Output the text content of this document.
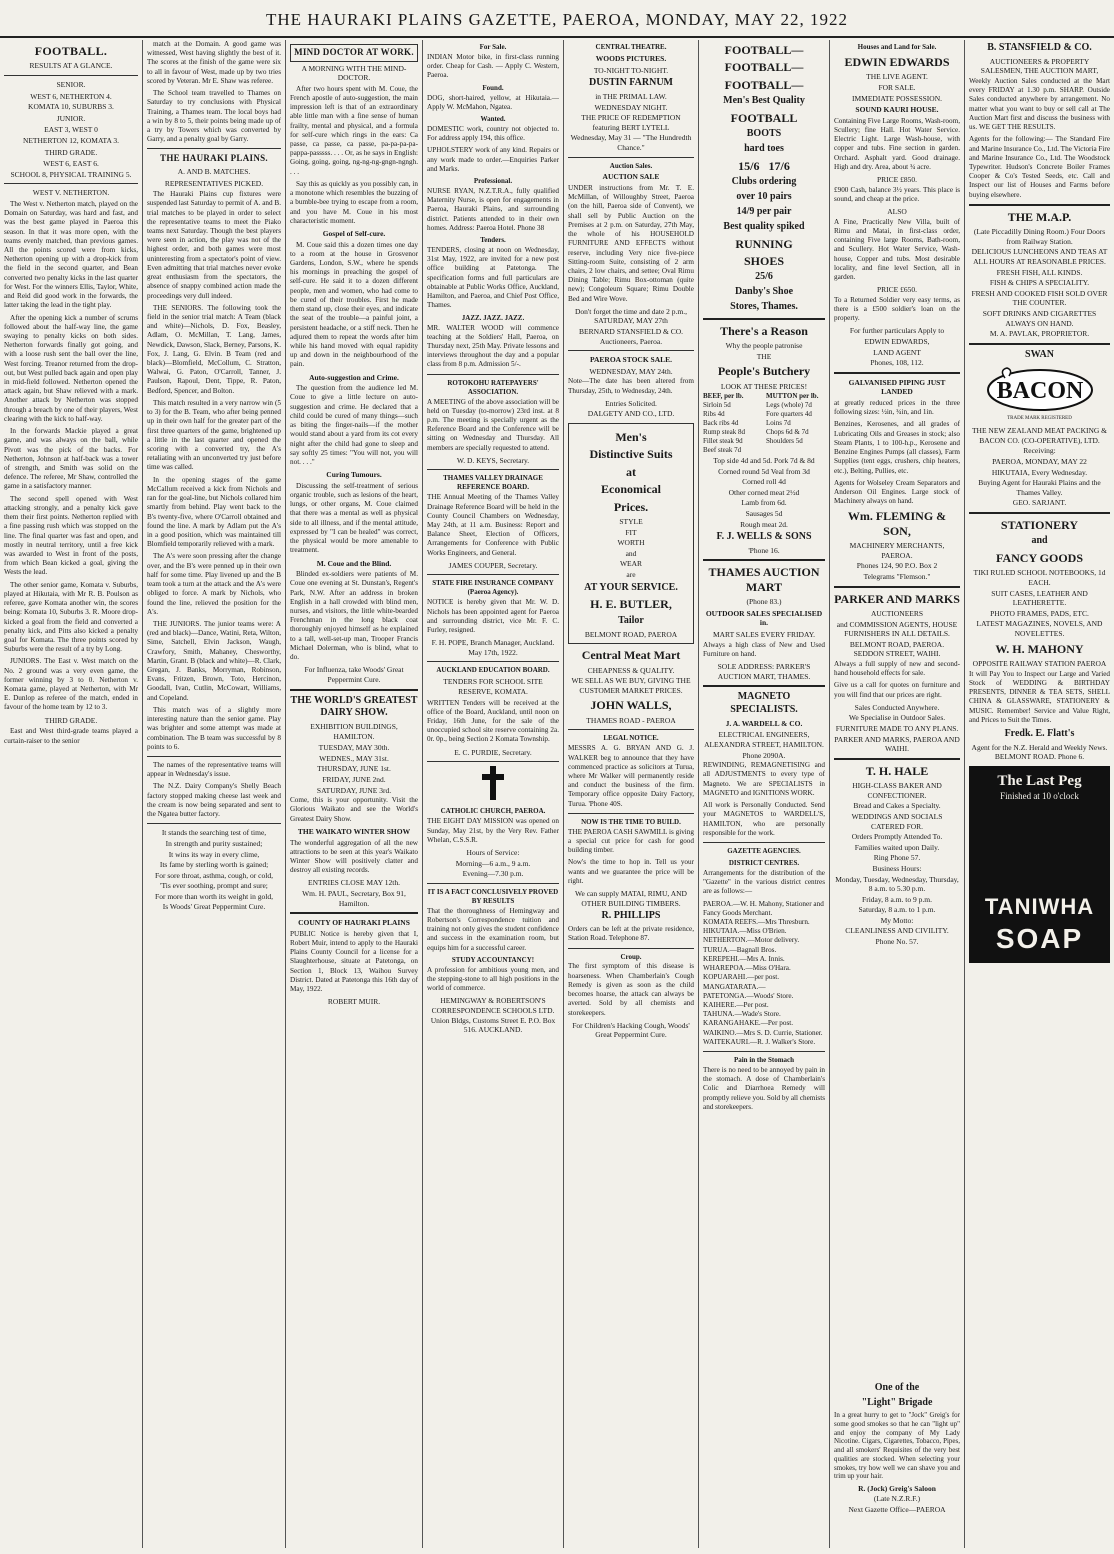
THE HAURAKI PLAINS GAZETTE, PAEROA, MONDAY, MAY 22, 1922
FOOTBALL.
RESULTS AT A GLANCE.
SENIOR.
WEST 6, NETHERTON 4.
KOMATA 10, SUBURBS 3.
JUNIOR.
EAST 3, WEST 0
NETHERTON 12, KOMATA 3.
THIRD GRADE.
WEST 6, EAST 6.
SCHOOL 8, PHYSICAL TRAINING 5.
WEST V. NETHERTON.

The West v. Netherton match, played on the Domain on Saturday, was hard and fast, and was the best game played in Paeroa this season. In that it was more open, with the teams evenly matched, than previous games. All the points scored were from kicks, Netherton opening up with a drop-kick from the field in the second quarter, and Bean converted two penalty kicks in the last quarter for West. For the winners Ellis, Taylor, White, and Reid did good work in the forwards, the latter taking the lead in the tight play.

After the opening kick a number of scrums followed about the half-way line, the game swaying to penalty kicks on both sides. Netherton forwards finally got going, and with a loose rush sent the ball over the line, West forcing. Treanor returned from the drop-out, but West pulled back again and open play in mid-field followed. Netherton opened the attack again, but Shaw relieved with a mark. Another attack by Netherton was stopped through a breach by one of their players, West clearing with the kick to half-way.

In the forwards Mackie played a great game, and was always on the ball, while Pivott was the pick of the backs. For Netherton, Johnson at half-back was a tower of strength, and Smith was solid on the defence. The referee, Mr Shaw, controlled the game in a satisfactory manner.

The second spell opened with West attacking strongly, and a penalty kick gave them their first points. Netherton replied with a fine passing rush which was stopped on the line. The final quarter was fast and open, and mostly in neutral territory, until a free kick was awarded to West in front of the posts, from which Bean kicked a goal, giving the Wests the lead.

The other senior game, Komata v. Suburbs, played at Hikutaia, with Mr R. B. Poulson as referee, gave Komata another win, the scores being: Komata 10, Suburbs 3. R. Moore drop-kicked a goal from the field and converted a penalty kick, and Pitts also kicked a penalty goal for Komata. The three points scored by Suburbs were the result of a try by Long.

JUNIORS. The East v. West match on the No. 2 ground was a very even game, the former winning by 3 to 0. Netherton v. Komata game, played at Netherton, with Mr E. Dunlop as referee of the match, ended in favour of the home team by 12 to 3.

THIRD GRADE.

East and West third-grade teams played a curtain-raiser to the senior

match at the Domain. A good game was witnessed, West having slightly the best of it. The scores at the finish of the game were six to all in favour of West, made up by two tries scored by Veteran. Mr E. Shaw was referee.

The School team travelled to Thames on Saturday to try conclusions with Physical Training, a Thames team. The local boys had a win by 8 to 5, their points being made up of a try by Towers which was converted by Garry, and a penalty goal by Garry.

THE HAURAKI PLAINS.
A. AND B. MATCHES.
REPRESENTATIVES PICKED.

The Hauraki Plains cup fixtures were suspended last Saturday to permit of A. and B. trial matches to be played in order to select the representative teams to meet the Piako teams next Saturday. Though the best players were seen in action, the play was not of the highest order, and both games were most uninteresting from a spectator's point of view. Even admitting that trial matches never evoke great enthusiasm from the spectators, the absence of snappy combined action made the proceedings very dull indeed.

THE SENIORS. The following took the field in the senior trial match: A Team (black and white)—Nichols, D. Fox, Beasley, Adlam, O. McMillan, T. Lang, James, Newdick, Dawson, Slack, Berney, Parsons, K. Fox, J. Lang, G. Elvin. B Team (red and black)—Blomfield, McCollum, C. Stratton, Walwai, G. Paton, O'Carroll, Tanner, J. Paulson, Rapoul, Dent, Tippe, R. Paton, Bedford, Spencer, and Bolton.

This match resulted in a very narrow win (5 to 3) for the B. Team, who after being penned up in their own half for the greater part of the first three quarters of the game, brightened up a little in the last quarter and opened the scoring with a converted try, the A's retaliating with an unconverted try just before time was called.

In the opening stages of the game McCallum received a kick from Nichols and ran for the goal-line, but Nichols collared him smartly from behind. Play went back to the B's twenty-five, where O'Carroll obtained and found the line. A mark by Adlam put the A's in a good position, which was maintained till Blomfield temporarily relieved with a mark.

The A's were soon pressing after the change over, and the B's were penned up in their own half for some time. Play livened up and the B team took a turn at the attack and the A's were obliged to force. A mark by Nichols, who found the line, relieved the position for the A's.

THE JUNIORS. The junior teams were: A (red and black)—Dance, Watini, Reta, Wilton, Sime, Satchell, Elvin Jackson, Waugh, Crawfory, Smith, Mahaney, Chesworthy, Martin, Grant. B (black and white)—R. Clark, Gregan, J. Banks, Morryman, Robinson, Evans, Fritzen, Brown, Toto, Hercinon, Goodall, Ivan, Cutlin, McCowart, Williams, and Copeland.

This match was of a slightly more interesting nature than the senior game. Play was brighter and some attempt was made at combination. The B team was successful by 8 points to 6.

The names of the representative teams will appear in Wednesday's issue.

The N.Z. Dairy Company's Shelly Beach factory stopped making cheese last week and the cream is now being separated and sent to the Ngatea butter factory.

It stands the searching test of time,
In strength and purity sustained;
It wins its way in every clime,
Its fame by sterling worth is gained;
For sore throat, asthma, cough, or cold,
'Tis ever soothing, prompt and sure;
For more than worth its weight in gold,
Is Woods' Great Peppermint Cure.
MIND DOCTOR AT WORK.
A MORNING WITH THE MIND-DOCTOR.

After two hours spent with M. Coue, the French apostle of auto-suggestion, the main impression left is that of an extraordinary able little man with a fine sense of human frailty, mental and physical, and a formula for self-cure which rings in the ears: Ca passe, ca passe, ca passe, pa-pa-pa-pa-pappa-passsss. . . . Or, as he says in English: Going, going, going, ng-ng-ng-gngn-ngngh. . . .

Say this as quickly as you possibly can, in a monotone which resembles the buzzing of a bumble-bee trying to escape from a room, and you have M. Coue in his most characteristic moment.

Gospel of Self-cure.

M. Coue said this a dozen times one day to a room at the house in Grosvenor Gardens, London, S.W., where he spends his mornings in preaching the gospel of self-cure. He said it to a dozen different people, men and women, who had come to be cured of their troubles. First he made them stand up, close their eyes, and indicate the seat of the trouble—a painful joint, a persistent headache, or a stiff neck. Then he adjured them to repeat the words after him while his hand moved with equal rapidity up and down in the neighbourhood of the pain.

Auto-suggestion and Crime.

The question from the audience led M. Coue to give a little lecture on auto-suggestion and crime. He declared that a child could be cured of many things—such as biting the finger-nails—if the mother would stand about a yard from its cot every night after the child had gone to sleep and say softly 25 times: "You will not, you will not. . . ."

Curing Tumours.

Discussing the self-treatment of serious organic trouble, such as lesions of the heart, lungs, or other organs, M. Coue claimed that there was a mental as well as physical side to all illness, and if the mental attitude, expressed by "I can be healed" was correct, the physical would be more amenable to treatment.

M. Coue and the Blind.

Blinded ex-soldiers were patients of M. Coue one evening at St. Dunstan's, Regent's Park, N.W. After an address in broken English in a hall crowded with blind men, nurses, and visitors, the little white-bearded Frenchman in the long black coat thoroughly enjoyed himself as he explained to a tall, well-set-up man, Trooper Francis Michael Dolerman, who is blind, what to do.

For Influenza, take Woods' Great Peppermint Cure.
THE WORLD'S GREATEST DAIRY SHOW.
EXHIBITION BUILDINGS, HAMILTON.
TUESDAY, MAY 30th.
WEDNES., MAY 31st.
THURSDAY, JUNE 1st.
FRIDAY, JUNE 2nd.
SATURDAY, JUNE 3rd.

Come, this is your opportunity. Visit the Glorious Waikato and see the World's Greatest Dairy Show.

THE WAIKATO WINTER SHOW

The wonderful aggregation of all the new attractions to be seen at this year's Waikato Winter Show will positively clatter and destroy all existing records.

ENTRIES CLOSE MAY 12th.
Wm. H. PAUL, Secretary, Box 91, Hamilton.
COUNTY OF HAURAKI PLAINS

PUBLIC Notice is hereby given that I, Robert Muir, intend to apply to the Hauraki Plains County Council for a license for a Slaughterhouse, situate at Patetonga, on Section 1, Block 13, Waihou Survey District. Dated at Patetonga this 16th day of May, 1922.

ROBERT MUIR.
For Sale.

INDIAN Motor bike, in first-class running order. Cheap for Cash. — Apply C. Western, Paeroa.

Found.

DOG, short-haired, yellow, at Hikutaia.—Apply W. McMahon, Ngatea.

Wanted.

DOMESTIC work, country not objected to. For address apply 194, this office.

UPHOLSTERY work of any kind. Repairs or any work made to order.—Enquiries Parker and Marks.

Professional.

NURSE RYAN, N.Z.T.R.A., fully qualified Maternity Nurse, is open for engagements in Paeroa, Hauraki Plains, and surrounding district. Patients attended to in their own homes. Address: Paeroa Hotel. Phone 38

Tenders.

TENDERS, closing at noon on Wednesday, 31st May, 1922, are invited for a new post office building at Patetonga. The specification forms and full particulars are obtainable at Public Works Office, Auckland, Hamilton, and Paeroa, and Chief Post Office, Thames.

JAZZ. JAZZ. JAZZ.

MR. WALTER WOOD will commence teaching at the Soldiers' Hall, Paeroa, on Thursday next, 25th May. Private lessons and interviews throughout the day and a popular class from 8 p.m. Admission 5/-.

ROTOKOHU RATEPAYERS' ASSOCIATION.

A MEETING of the above association will be held on Tuesday (to-morrow) 23rd inst. at 8 p.m. The meeting is specially urgent as the Reference Board and the Conference will be sitting on Wednesday and Thursday. All members are specially requested to attend.

W. D. KEYS, Secretary.
THAMES VALLEY DRAINAGE REFERENCE BOARD.

THE Annual Meeting of the Thames Valley Drainage Reference Board will be held in the County Council Chambers on Wednesday, May 24th, at 11 a.m. Business: Report and Balance Sheet, Election of Officers, Arrangements for Conference with Public Works Engineers, and General.

JAMES COUPER, Secretary.
STATE FIRE INSURANCE COMPANY (Paeroa Agency).

NOTICE is hereby given that Mr. W. D. Nichols has been appointed agent for Paeroa and surrounding district, vice Mr. F. C. Furley, resigned.

F. H. POPE, Branch Manager, Auckland. May 17th, 1922.
AUCKLAND EDUCATION BOARD.
TENDERS FOR SCHOOL SITE RESERVE, KOMATA.

WRITTEN Tenders will be received at the office of the Board, Auckland, until noon on Friday, 16th June, for the sale of the unoccupied school site reserve containing 2a. 0r. 0p., being Section 2 Komata Township.

E. C. PURDIE, Secretary.
CATHOLIC CHURCH, PAEROA.

THE EIGHT DAY MISSION was opened on Sunday, May 21st, by the Very Rev. Father Whelan, C.S.S.R.

Hours of Service:
Morning—6 a.m., 9 a.m.
Evening—7.30 p.m.
IT IS A FACT CONCLUSIVELY PROVED BY RESULTS

That the thoroughness of Hemingway and Robertson's Correspondence tuition and training not only gives the student confidence and success in the examination room, but equips him for a successful career.

STUDY ACCOUNTANCY!

A profession for ambitious young men, and the stepping-stone to all high positions in the world of commerce.

HEMINGWAY & ROBERTSON'S CORRESPONDENCE SCHOOLS LTD. Union Bldgs, Customs Street E. P.O. Box 516. AUCKLAND.
CENTRAL THEATRE.
WOODS PICTURES.
TO-NIGHT TO-NIGHT.
DUSTIN FARNUM
in THE PRIMAL LAW.
WEDNESDAY NIGHT.
THE PRICE OF REDEMPTION featuring BERT LYTELL
Wednesday, May 31 — "The Hundredth Chance."
Auction Sales.
AUCTION SALE

UNDER instructions from Mr. T. E. McMillan, of Willoughby Street, Paeroa (on the hill, Paeroa side of Convent), we shall sell by Public Auction on the Premises at 2 p.m. on Saturday, 27th May, the whole of his HOUSEHOLD FURNITURE AND EFFECTS without reserve, including Very nice five-piece Sitting-room Suite, consisting of 2 arm chairs, 2 low chairs, and settee; Oval Rimu Dining Table; Rimu Box-ottoman (quite new); Congoleum Square; Rimu Double Bed and Wire Wove.

Don't forget the time and date 2 p.m., SATURDAY, MAY 27th
BERNARD STANSFIELD & CO. Auctioneers, Paeroa.
PAEROA STOCK SALE.
WEDNESDAY, MAY 24th.

Note—The date has been altered from Thursday, 25th, to Wednesday, 24th.

Entries Solicited.
DALGETY AND CO., LTD.
Men's
Distinctive Suits
at
Economical
Prices.
STYLE
FIT
WORTH
and
WEAR
are
AT YOUR SERVICE.
H. E. BUTLER,
Tailor
BELMONT ROAD, PAEROA
Central Meat Mart
CHEAPNESS & QUALITY.
WE SELL AS WE BUY, GIVING THE CUSTOMER MARKET PRICES.
JOHN WALLS,
THAMES ROAD - PAEROA
LEGAL NOTICE.

MESSRS A. G. BRYAN AND G. J. WALKER beg to announce that they have commenced practice as solicitors at Turua, where Mr Walker will permanently reside and conduct the business of the firm. Temporary office opposite Dairy Factory, Turua. 'Phone 40S.

NOW IS THE TIME TO BUILD.

THE PAEROA CASH SAWMILL is giving a special cut price for cash for good building timber.

Now's the time to hop in. Tell us your wants and we guarantee the price will be right.

We can supply MATAI, RIMU, AND OTHER BUILDING TIMBERS.
R. PHILLIPS

Orders can be left at the private residence, Station Road. Telephone 87.

Croup.

The first symptom of this disease is hoarseness. When Chamberlain's Cough Remedy is given as soon as the child becomes hoarse, the attack can always be averted. Sold by all chemists and storekeepers.

For Children's Hacking Cough, Woods' Great Peppermint Cure.
FOOTBALL—
FOOTBALL—
FOOTBALL—
Men's Best Quality
FOOTBALL
BOOTS
hard toes
15/6 17/6
Clubs ordering
over 10 pairs
14/9 per pair
Best quality spiked
RUNNING
SHOES
25/6
Danby's Shoe
Stores, Thames.
There's a Reason
Why the people patronise
THE
People's Butchery
LOOK AT THESE PRICES!
BEEF, per lb.
Sirloin 5d
Ribs 4d
Back ribs 4d
Rump steak 8d
Fillet steak 9d
Beef steak 7d
MUTTON per lb.
Legs (whole) 7d
Fore quarters 4d
Loins 7d
Chops 6d & 7d
Shoulders 5d
Top side 4d and 5d. Pork 7d & 8d
Corned round 5d Veal from 3d
Corned roll 4d
Other corned meat 2½d
Lamb from 6d.
Sausages 5d
Rough meat 2d.
F. J. WELLS & SONS
'Phone 16.
THAMES AUCTION MART
(Phone 83.)
OUTDOOR SALES SPECIALISED in.
MART SALES EVERY FRIDAY.

Always a high class of New and Used Furniture on hand.

SOLE ADDRESS: PARKER'S AUCTION MART, THAMES.
MAGNETO SPECIALISTS.
J. A. WARDELL & CO.
ELECTRICAL ENGINEERS, ALEXANDRA STREET, HAMILTON.
Phone 2090A.

REWINDING, REMAGNETISING and all ADJUSTMENTS to every type of Magneto. We are SPECIALISTS in MAGNETO and IGNITIONS WORK.

All work is Personally Conducted. Send your MAGNETOS to WARDELL'S, HAMILTON, who are personally responsible for the work.

GAZETTE AGENCIES.
DISTRICT CENTRES.

Arrangements for the distribution of the "Gazette" in the various district centres are as follows:—

PAEROA.—W. H. Mahony, Stationer and Fancy Goods Merchant.
KOMATA REEFS.—Mrs Thresburn.
HIKUTAIA.—Miss O'Brien.
NETHERTON.—Motor delivery.
TURUA.—Bagnall Bros.
KEREPEHI.—Mrs A. Innis.
WHAREPOA.—Miss O'Hara.
KOPUARAHI.—per post.
MANGATARATA.—
PATETONGA.—Woods' Store.
KAIHERE.—Per post.
TAHUNA.—Wade's Store.
KARANGAHAKE.—Per post.
WAIKINO.—Mrs S. D. Currie, Stationer.
WAITEKAURI.—R. J. Walker's Store.
Pain in the Stomach

There is no need to be annoyed by pain in the stomach. A dose of Chamberlain's Colic and Diarrhoea Remedy will promptly relieve you. Sold by all chemists and storekeepers.

Houses and Land for Sale.
EDWIN EDWARDS
THE LIVE AGENT.
FOR SALE.
IMMEDIATE POSSESSION.
SOUND KAURI HOUSE.

Containing Five Large Rooms, Wash-room, Scullery; fine Hall. Hot Water Service. Electric Light. Large Wash-house, with copper and tubs. Fine section in garden. Orchard. Asphalt yard. Good drainage. High and dry. Area, about ¾ acre.

PRICE £850.

£900 Cash, balance 3½ years. This place is sound, and cheap at the price.

ALSO

A Fine, Practically New Villa, built of Rimu and Matai, in first-class order, containing Five large Rooms, Bath-room, and Scullery. Hot Water Service, Wash-house, Copper and tubs. Most desirable locality, and fine level Section, all in garden.

PRICE £650.

To a Returned Soldier very easy terms, as there is a £500 soldier's loan on the property.

For further particulars Apply to
EDWIN EDWARDS,
LAND AGENT
Phones, 108, 112.
GALVANISED PIPING JUST LANDED

at greatly reduced prices in the three following sizes: ½in, ¾in, and 1in.

Benzines, Kerosenes, and all grades of Lubricating Oils and Greases in stock; also Steam Plants, 1 to 100-h.p., Kerosene and Benzine Engines Pumps (all classes), Farm Supplies (tent eggs, crushers, chip heaters, etc.), Belting, Pullies, etc.

Agents for Wolseley Cream Separators and Anderson Oil Engines. Large stock of Machinery always on hand.

Wm. FLEMING & SON,
MACHINERY MERCHANTS, PAEROA.
Phones 124, 90 P.O. Box 2
Telegrams "Flemson."
PARKER AND MARKS
AUCTIONEERS
and COMMISSION AGENTS, HOUSE FURNISHERS IN ALL DETAILS.
BELMONT ROAD, PAEROA. SEDDON STREET, WAIHI.

Always a full supply of new and second-hand household effects for sale.

Give us a call for quotes on furniture and you will find that our prices are right.

Sales Conducted Anywhere.
We Specialise in Outdoor Sales.
FURNITURE MADE TO ANY PLANS.
PARKER AND MARKS, PAEROA AND WAIHI.
T. H. HALE
HIGH-CLASS BAKER AND CONFECTIONER.
Bread and Cakes a Specialty.
WEDDINGS AND SOCIALS CATERED FOR.
Orders Promptly Attended To.
Families waited upon Daily.
Ring Phone 57.
Business Hours:
Monday, Tuesday, Wednesday, Thursday, 8 a.m. to 5.30 p.m.
Friday, 8 a.m. to 9 p.m.
Saturday, 8 a.m. to 1 p.m.
My Motto:
CLEANLINESS AND CIVILITY.
Phone No. 57.
B. STANSFIELD & CO.
AUCTIONEERS & PROPERTY SALESMEN, THE AUCTION MART,

Weekly Auction Sales conducted at the Mart every FRIDAY at 1.30 p.m. SHARP. Outside Sales conducted anywhere by arrangement. No matter what you want to buy or sell call at The Auction Mart first and discuss the business with us. WE GET THE RESULTS.

Agents for the following:— The Standard Fire and Marine Insurance Co., Ltd. The Victoria Fire and Marine Insurance Co., Ltd. The Woodstock Typewriter. Hudson's Concrete Boiler Frames Cooper & Co's Tested Seeds, etc. Call and Inspect our list of Houses and Farms before buying elsewhere.

THE M.A.P.
(Late Piccadilly Dining Room.) Four Doors from Railway Station.
DELICIOUS LUNCHEONS AND TEAS AT ALL HOURS AT REASONABLE PRICES.
FRESH FISH, ALL KINDS.
FISH & CHIPS A SPECIALITY.
FRESH AND COOKED FISH SOLD OVER THE COUNTER.
SOFT DRINKS AND CIGARETTES ALWAYS ON HAND.
M. A. PAVLAK, PROPRIETOR.
SWAN
BACON
TRADE MARK REGISTERED
THE NEW ZEALAND MEAT PACKING & BACON CO. (CO-OPERATIVE), LTD.
Receiving:
PAEROA, MONDAY, MAY 22
HIKUTAIA, Every Wednesday.
Buying Agent for Hauraki Plains and the Thames Valley.
GEO. SARJANT.
STATIONERY
and
FANCY GOODS
TIKI RULED SCHOOL NOTEBOOKS, 1d EACH.
SUIT CASES, LEATHER AND LEATHERETTE.
PHOTO FRAMES, PADS, ETC.
LATEST MAGAZINES, NOVELS, AND NOVELETTES.
W. H. MAHONY
OPPOSITE RAILWAY STATION PAEROA

It will Pay You to Inspect our Large and Varied Stock of WEDDING & BIRTHDAY PRESENTS, DINNER & TEA SETS, SHELL CHINA & GLASSWARE, STATIONERY & MUSIC. Remember! Service and Value Right, and Prices to Suit the Times.

Fredk. E. Flatt's
Agent for the N.Z. Herald and Weekly News. BELMONT ROAD. Phone 6.
The Last Peg
Finished at 10 o'clock
TANIWHA
SOAP
One of the
"Light" Brigade

In a great hurry to get to "Jock" Greig's for some good smokes so that he can "light up" and enjoy the company of My Lady Nicotine. Cigars, Cigarettes, Tobacco, Pipes, and all smokers' Requisites of the very best qualities are stocked. When selecting your smokes, try how well we can shave you and trim up your hair.

R. (Jock) Greig's Saloon
(Late N.Z.R.F.)
Next Gazette Office—PAEROA
